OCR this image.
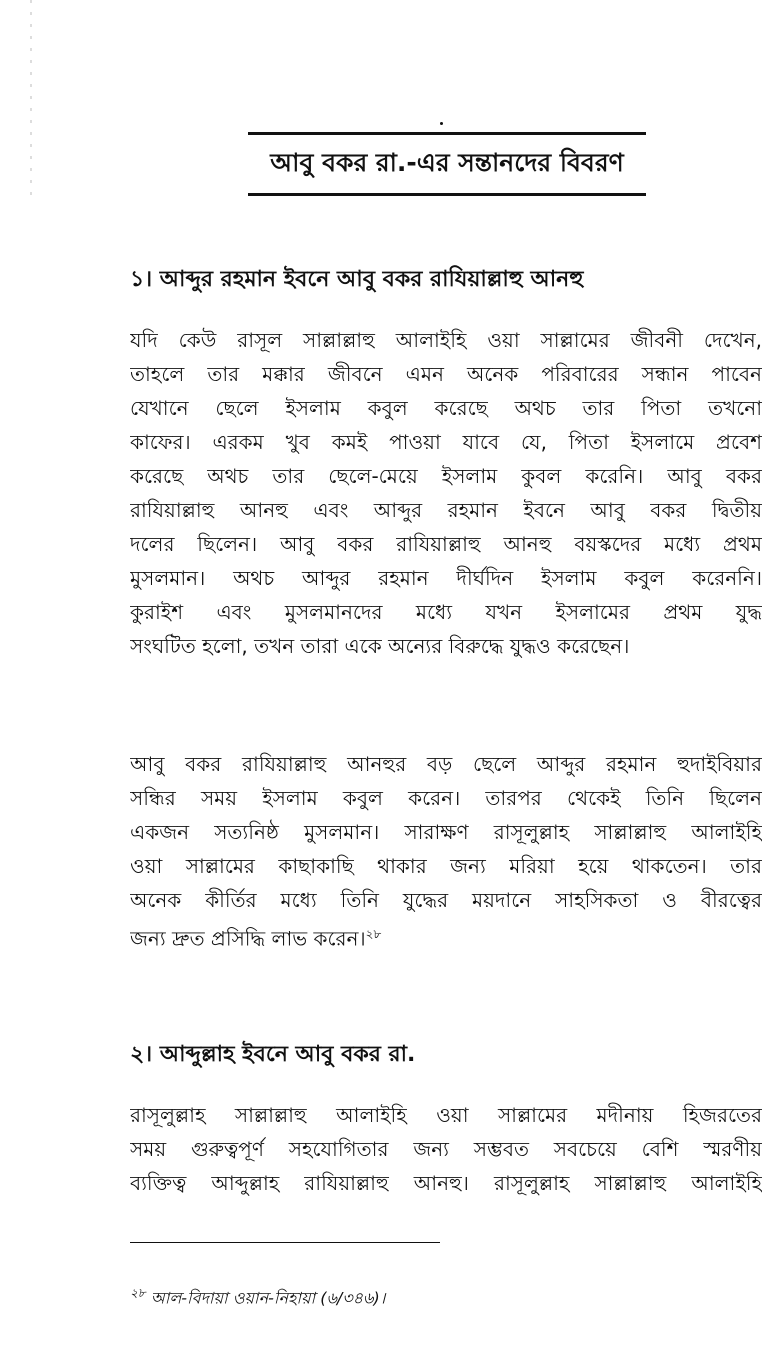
আবু বকর রা.-এর সন্তানদের বিবরণ
১। আব্দুর রহমান ইবনে আবু বকর রাযিয়াল্লাহু আনহু
যদি কেউ রাসূল সাল্লাল্লাহু আলাইহি ওয়া সাল্লামের জীবনী দেখেন,
তাহলে তার মক্কার জীবনে এমন অনেক পরিবারের সন্ধান পাবেন
যেখানে ছেলে ইসলাম কবুল করেছে অথচ তার পিতা তখনো
কাফের। এরকম খুব কমই পাওয়া যাবে যে, পিতা ইসলামে প্রবেশ
করেছে অথচ তার ছেলে-মেয়ে ইসলাম কুবল করেনি। আবু বকর
রাযিয়াল্লাহু আনহু এবং আব্দুর রহমান ইবনে আবু বকর দ্বিতীয়
দলের ছিলেন। আবু বকর রাযিয়াল্লাহু আনহু বয়স্কদের মধ্যে প্রথম
মুসলমান। অথচ আব্দুর রহমান দীর্ঘদিন ইসলাম কবুল করেননি।
কুরাইশ এবং মুসলমানদের মধ্যে যখন ইসলামের প্রথম যুদ্ধ
সংঘটিত হলো, তখন তারা একে অন্যের বিরুদ্ধে যুদ্ধও করেছেন।
আবু বকর রাযিয়াল্লাহু আনহুর বড় ছেলে আব্দুর রহমান হুদাইবিয়ার
সন্ধির সময় ইসলাম কবুল করেন। তারপর থেকেই তিনি ছিলেন
একজন সত্যনিষ্ঠ মুসলমান। সারাক্ষণ রাসূলুল্লাহ সাল্লাল্লাহু আলাইহি
ওয়া সাল্লামের কাছাকাছি থাকার জন্য মরিয়া হয়ে থাকতেন। তার
অনেক কীর্তির মধ্যে তিনি যুদ্ধের ময়দানে সাহসিকতা ও বীরত্বের
জন্য দ্রুত প্রসিদ্ধি লাভ করেন।$^{২৮}$
২। আব্দুল্লাহ ইবনে আবু বকর রা.
রাসূলুল্লাহ সাল্লাল্লাহু আলাইহি ওয়া সাল্লামের মদীনায় হিজরতের
সময় গুরুত্বপূর্ণ সহযোগিতার জন্য সম্ভবত সবচেয়ে বেশি স্মরণীয়
ব্যক্তিত্ব আব্দুল্লাহ রাযিয়াল্লাহু আনহু। রাসূলুল্লাহ সাল্লাল্লাহু আলাইহি
$^{২৮}$ আল-বিদায়া ওয়ান-নিহায়া (৬/৩৪৬)।
